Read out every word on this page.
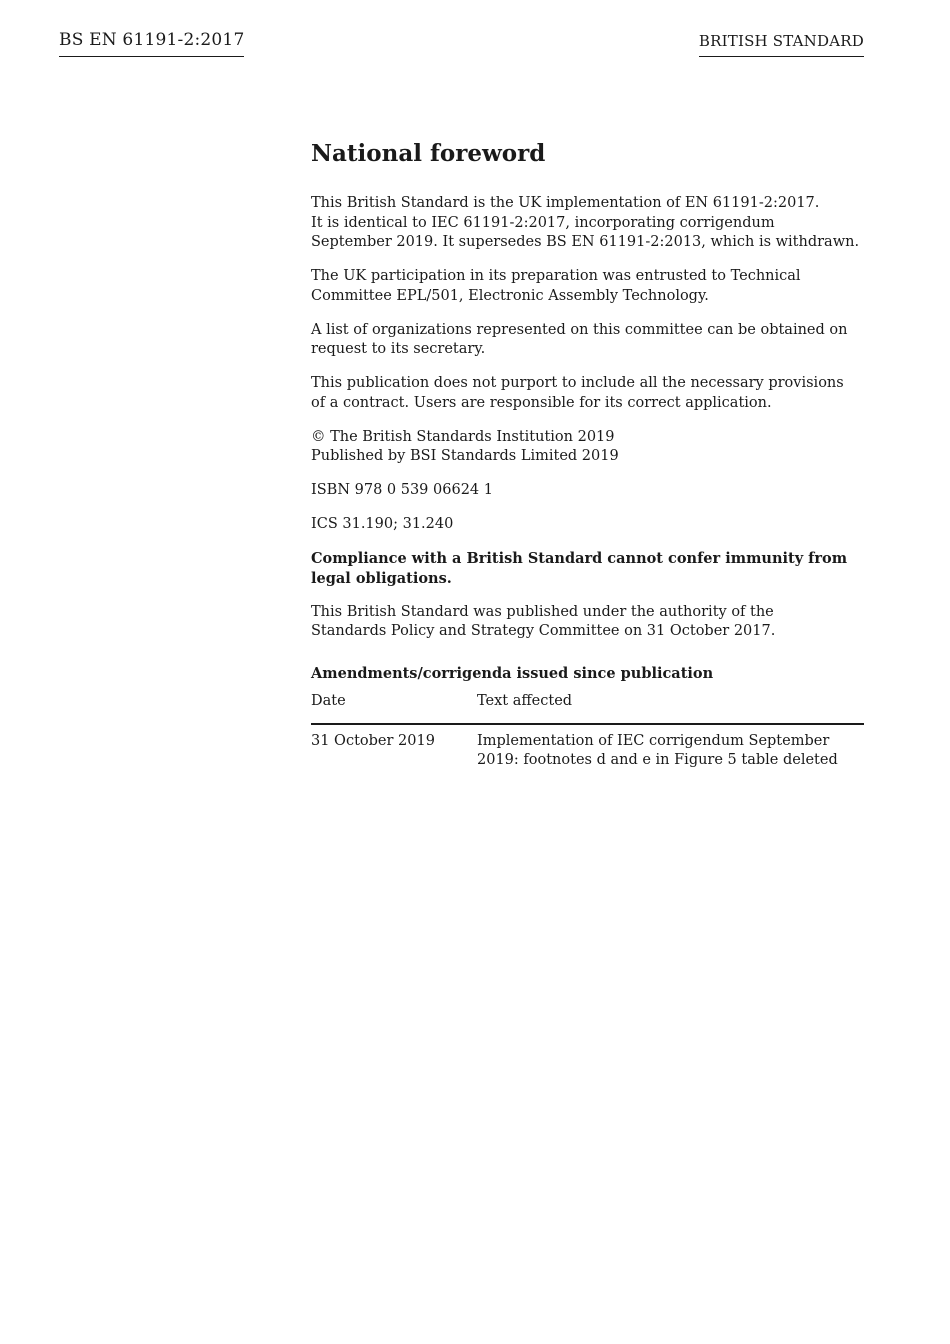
BS EN 61191-2:2017	BRITISH STANDARD
National foreword

This British Standard is the UK implementation of EN 61191-2:2017.
It is identical to IEC 61191-2:2017, incorporating corrigendum
September 2019. It supersedes BS EN 61191-2:2013, which is withdrawn.

The UK participation in its preparation was entrusted to Technical
Committee EPL/501, Electronic Assembly Technology.

A list of organizations represented on this committee can be obtained on
request to its secretary.

This publication does not purport to include all the necessary provisions
of a contract. Users are responsible for its correct application.

© The British Standards Institution 2019
Published by BSI Standards Limited 2019

ISBN 978 0 539 06624 1

ICS 31.190; 31.240

Compliance with a British Standard cannot confer immunity from
legal obligations.

This British Standard was published under the authority of the
Standards Policy and Strategy Committee on 31 October 2017.

Amendments/corrigenda issued since publication
Date	Text affected
31 October 2019	Implementation of IEC corrigendum September
2019: footnotes d and e in Figure 5 table deleted
